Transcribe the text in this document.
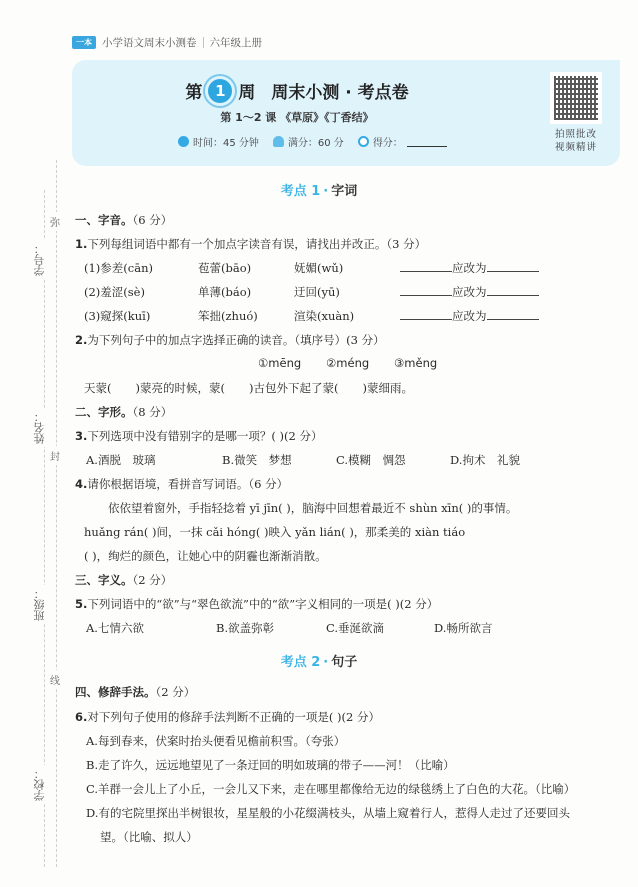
一本 小学语文周末小测卷 六年级上册
第 1 周 周末小测 · 考点卷
第 1～2 课 《草原》《丁香结》
时间：45 分钟	满分：60 分	得分：
拍照批改
视频精讲
学号：
姓名：
班级：
学校：
弥
封
线
考点 1 · 字词
一、字音。（6 分）
1.下列每组词语中都有一个加点字读音有误，请找出并改正。（3 分）
(1)参差(cān)	苞蕾(bāo)	妩媚(wǔ)	应改为
(2)羞涩(sè)	单薄(báo)	迂回(yū)	应改为
(3)窥探(kuī)	笨拙(zhuó)	渲染(xuàn)	应改为
2.为下列句子中的加点字选择正确的读音。（填序号）(3 分）
①mēng ②méng ③měng
天蒙( )蒙亮的时候，蒙( )古包外下起了蒙( )蒙细雨。
二、字形。（8 分）
3.下列选项中没有错别字的是哪一项？( )(2 分）
A.酒脱　玻璃	B.微笑　梦想	C.模糊　惆怨	D.拘术　礼貌
4.请你根据语境，看拼音写词语。（6 分）
依依望着窗外，手指轻捻着 yī jīn( )，脑海中回想着最近不 shùn xīn( )的事情。
huǎng rán( )间，一抹 cǎi hóng( )映入 yǎn lián( )，那柔美的 xiàn tiáo
( )，绚烂的颜色，让她心中的阴霾也渐渐消散。
三、字义。（2 分）
5.下列词语中的“欲”与“翠色欲流”中的“欲”字义相同的一项是( )(2 分）
A.七情六欲	B.欲盖弥彰	C.垂涎欲滴	D.畅所欲言
考点 2 · 句子
四、修辞手法。（2 分）
6.对下列句子使用的修辞手法判断不正确的一项是( )(2 分）
A.每到春来，伏案时抬头便看见檐前积雪。（夸张）
B.走了许久，远远地望见了一条迂回的明如玻璃的带子——河！（比喻）
C.羊群一会儿上了小丘，一会儿又下来，走在哪里都像给无边的绿毯绣上了白色的大花。（比喻）
D.有的宅院里探出半树银妆，星星般的小花缀满枝头，从墙上窥着行人，惹得人走过了还要回头
望。（比喻、拟人）
